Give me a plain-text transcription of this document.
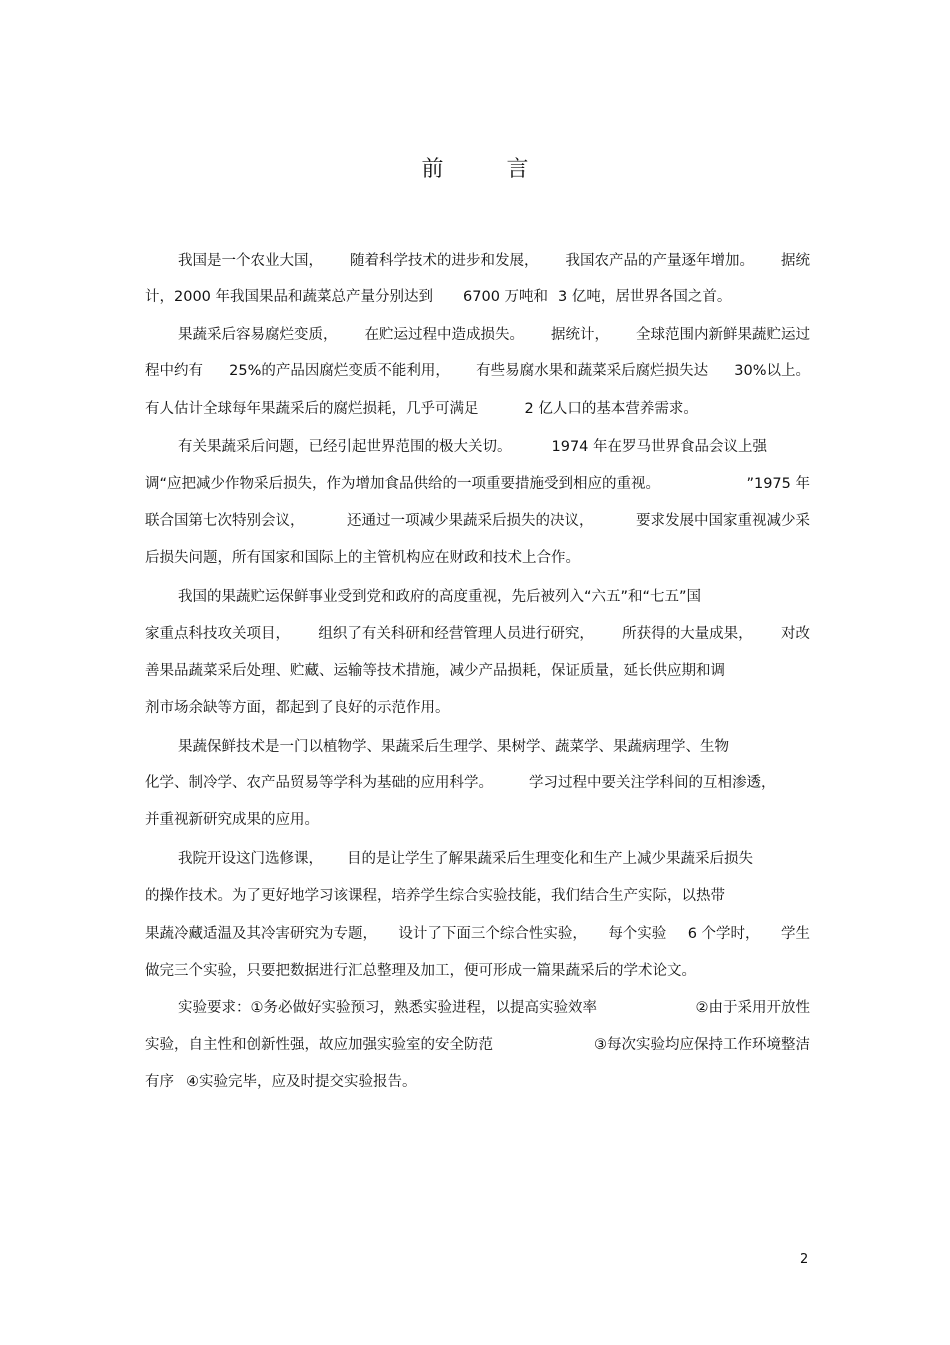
前 言
我国是一个农业大国， 随着科学技术的进步和发展， 我国农产品的产量逐年增加。 据统
计，2000 年我国果品和蔬菜总产量分别达到 6700 万吨和 3 亿吨，居世界各国之首。
果蔬采后容易腐烂变质， 在贮运过程中造成损失。 据统计， 全球范围内新鲜果蔬贮运过
程中约有 25%的产品因腐烂变质不能利用， 有些易腐水果和蔬菜采后腐烂损失达 30%以上。
有人估计全球每年果蔬采后的腐烂损耗，几乎可满足	2 亿人口的基本营养需求。
有关果蔬采后问题，已经引起世界范围的极大关切。	1974 年在罗马世界食品会议上强
调“应把减少作物采后损失，作为增加食品供给的一项重要措施受到相应的重视。	”1975 年
联合国第七次特别会议，	还通过一项减少果蔬采后损失的决议，	要求发展中国家重视减少采
后损失问题，所有国家和国际上的主管机构应在财政和技术上合作。
我国的果蔬贮运保鲜事业受到党和政府的高度重视，先后被列入“六五”和“七五”国
家重点科技攻关项目， 组织了有关科研和经营管理人员进行研究， 所获得的大量成果， 对改
善果品蔬菜采后处理、贮藏、运输等技术措施，减少产品损耗，保证质量，延长供应期和调
剂市场余缺等方面，都起到了良好的示范作用。
果蔬保鲜技术是一门以植物学、果蔬采后生理学、果树学、蔬菜学、果蔬病理学、生物
化学、制冷学、农产品贸易等学科为基础的应用科学。 学习过程中要关注学科间的互相渗透，
并重视新研究成果的应用。
我院开设这门选修课， 目的是让学生了解果蔬采后生理变化和生产上减少果蔬采后损失
的操作技术。为了更好地学习该课程，培养学生综合实验技能，我们结合生产实际，以热带
果蔬冷藏适温及其冷害研究为专题， 设计了下面三个综合性实验， 每个实验 6 个学时， 学生
做完三个实验，只要把数据进行汇总整理及加工，便可形成一篇果蔬采后的学术论文。
实验要求：①务必做好实验预习，熟悉实验进程，以提高实验效率	②由于采用开放性
实验，自主性和创新性强，故应加强实验室的安全防范	③每次实验均应保持工作环境整洁
有序 ④实验完毕，应及时提交实验报告。
2
